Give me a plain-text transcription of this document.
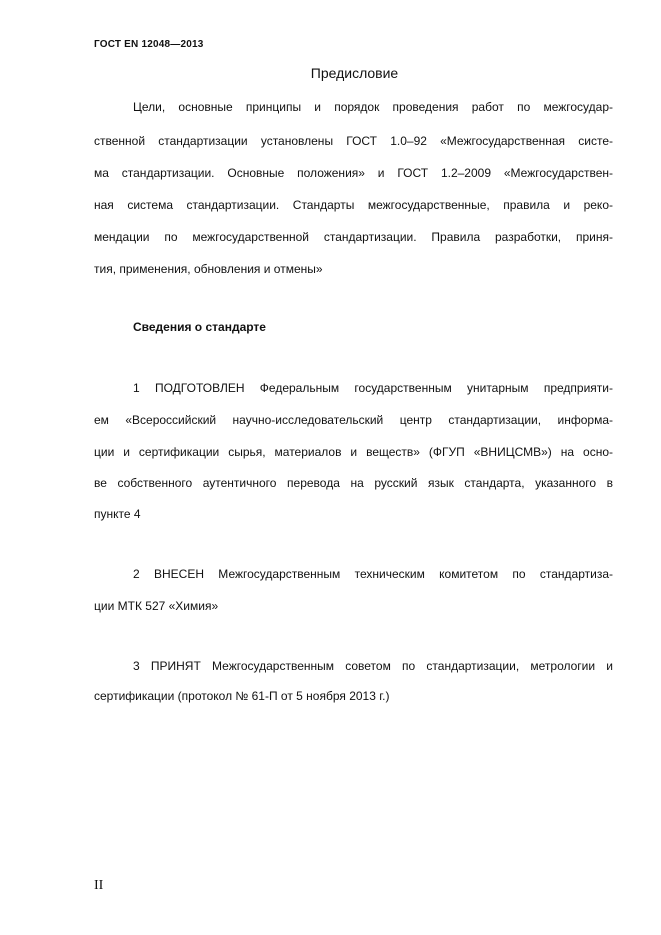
ГОСТ EN 12048—2013
Предисловие
Цели, основные принципы и порядок проведения работ по межгосудар-
ственной стандартизации установлены ГОСТ 1.0–92 «Межгосударственная систе-
ма стандартизации. Основные положения» и ГОСТ 1.2–2009 «Межгосударствен-
ная система стандартизации. Стандарты межгосударственные, правила и реко-
мендации по межгосударственной стандартизации. Правила разработки, приня-
тия, применения, обновления и отмены»
Сведения о стандарте
1 ПОДГОТОВЛЕН Федеральным государственным унитарным предприяти-
ем «Всероссийский научно-исследовательский центр стандартизации, информа-
ции и сертификации сырья, материалов и веществ» (ФГУП «ВНИЦСМВ») на осно-
ве собственного аутентичного перевода на русский язык стандарта, указанного в
пункте 4
2 ВНЕСЕН Межгосударственным техническим комитетом по стандартиза-
ции МТК 527 «Химия»
3 ПРИНЯТ Межгосударственным советом по стандартизации, метрологии и
сертификации (протокол № 61-П от 5 ноября 2013 г.)
II
